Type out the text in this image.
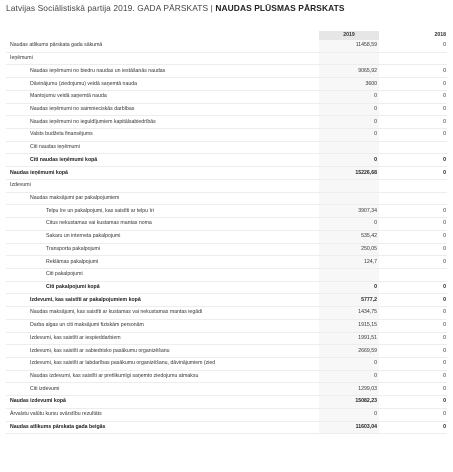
Latvijas Sociālistiskā partija 2019. GADA PĀRSKATS | NAUDAS PLŪSMAS PĀRSKATS
	2019		2018
Naudas atlikums pārskata gada sākumā	11458,59		0
Ieņēmumi			
Naudas ieņēmumi no biedru naudas un iestāšanās naudas	9065,92		0
Dāvinājumu (ziedojumu) veidā saņemtā nauda	3600		0
Mantojumu veidā saņemtā nauda	0		0
Naudas ieņēmumi no saimnieciskās darbības	0		0
Naudas ieņēmumi no ieguldījumiem kapitālsabiedrībās	0		0
Valsts budžeta finansējums	0		0
Citi naudas ieņēmumi			
Citi naudas ieņēmumi kopā	0		0
Naudas ieņēmumi kopā	15226,68		0
Izdevumi			
Naudas maksājumi par pakalpojumiem			
Telpu īre un pakalpojumi, kas saistīti ar telpu īri	3907,34		0
Citus nekustamas vai kustamas mantas noma	0		0
Sakaru un interneta pakalpojumi	535,42		0
Transporta pakalpojumi	250,05		0
Reklāmas pakalpojumi	124,7		0
Citi pakalpojumi			
Citi pakalpojumi kopā	0		0
Izdevumi, kas saistīti ar pakalpojumiem kopā	5777,2		0
Naudas maksājumi, kas saistīti ar kustamas vai nekustamas mantas iegādi	1434,75		0
Darba algas un citi maksājumi fiziskām personām	1915,15		0
Izdevumi, kas saistīti ar iespieddarbiem	1991,51		0
Izdevumi, kas saistīti ar sabiedrisko pasākumu organizēšanu	2669,59		0
Izdevumi, kas saistīti ar labdarības pasākumu organizēšanu, dāvinājumiem (zied	0		0
Naudas izdevumi, kas saistīti ar pretlikumīgi saņemto ziedojumu atmaksu	0		0
Citi izdevumi	1299,03		0
Naudas izdevumi kopā	15082,23		0
Ārvalstu valūtu kursu svārstību rezultāts	0		0
Naudas atlikums pārskata gada beigās	11603,04		0
